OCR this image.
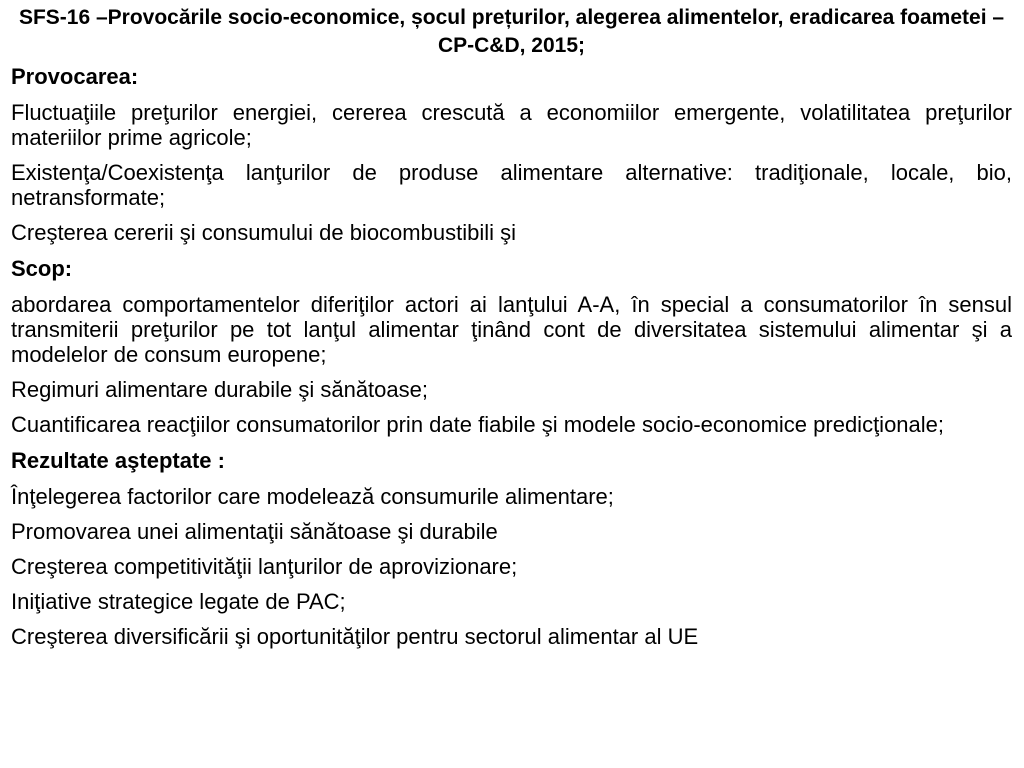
SFS-16 –Provocările socio-economice, șocul prețurilor, alegerea alimentelor, eradicarea foametei – CP-C&D, 2015;
Provocarea:
Fluctuaţiile preţurilor energiei, cererea crescută a economiilor emergente, volatilitatea preţurilor materiilor prime agricole;
Existenţa/Coexistenţa lanţurilor de produse alimentare alternative: tradiţionale, locale, bio, netransformate;
Creşterea cererii şi consumului de biocombustibili şi
Scop:
abordarea comportamentelor diferiţilor actori ai lanţului A-A, în special a consumatorilor în sensul transmiterii preţurilor pe tot lanţul alimentar ţinând cont de diversitatea sistemului alimentar şi a modelelor de consum europene;
Regimuri alimentare durabile şi sănătoase;
Cuantificarea reacţiilor consumatorilor prin date fiabile şi modele socio-economice predicţionale;
Rezultate aşteptate :
Înţelegerea factorilor care modelează consumurile alimentare;
Promovarea unei alimentaţii sănătoase şi durabile
Creşterea competitivităţii lanţurilor de aprovizionare;
Iniţiative strategice legate de PAC;
Creşterea diversificării şi oportunităţilor pentru sectorul alimentar al UE
